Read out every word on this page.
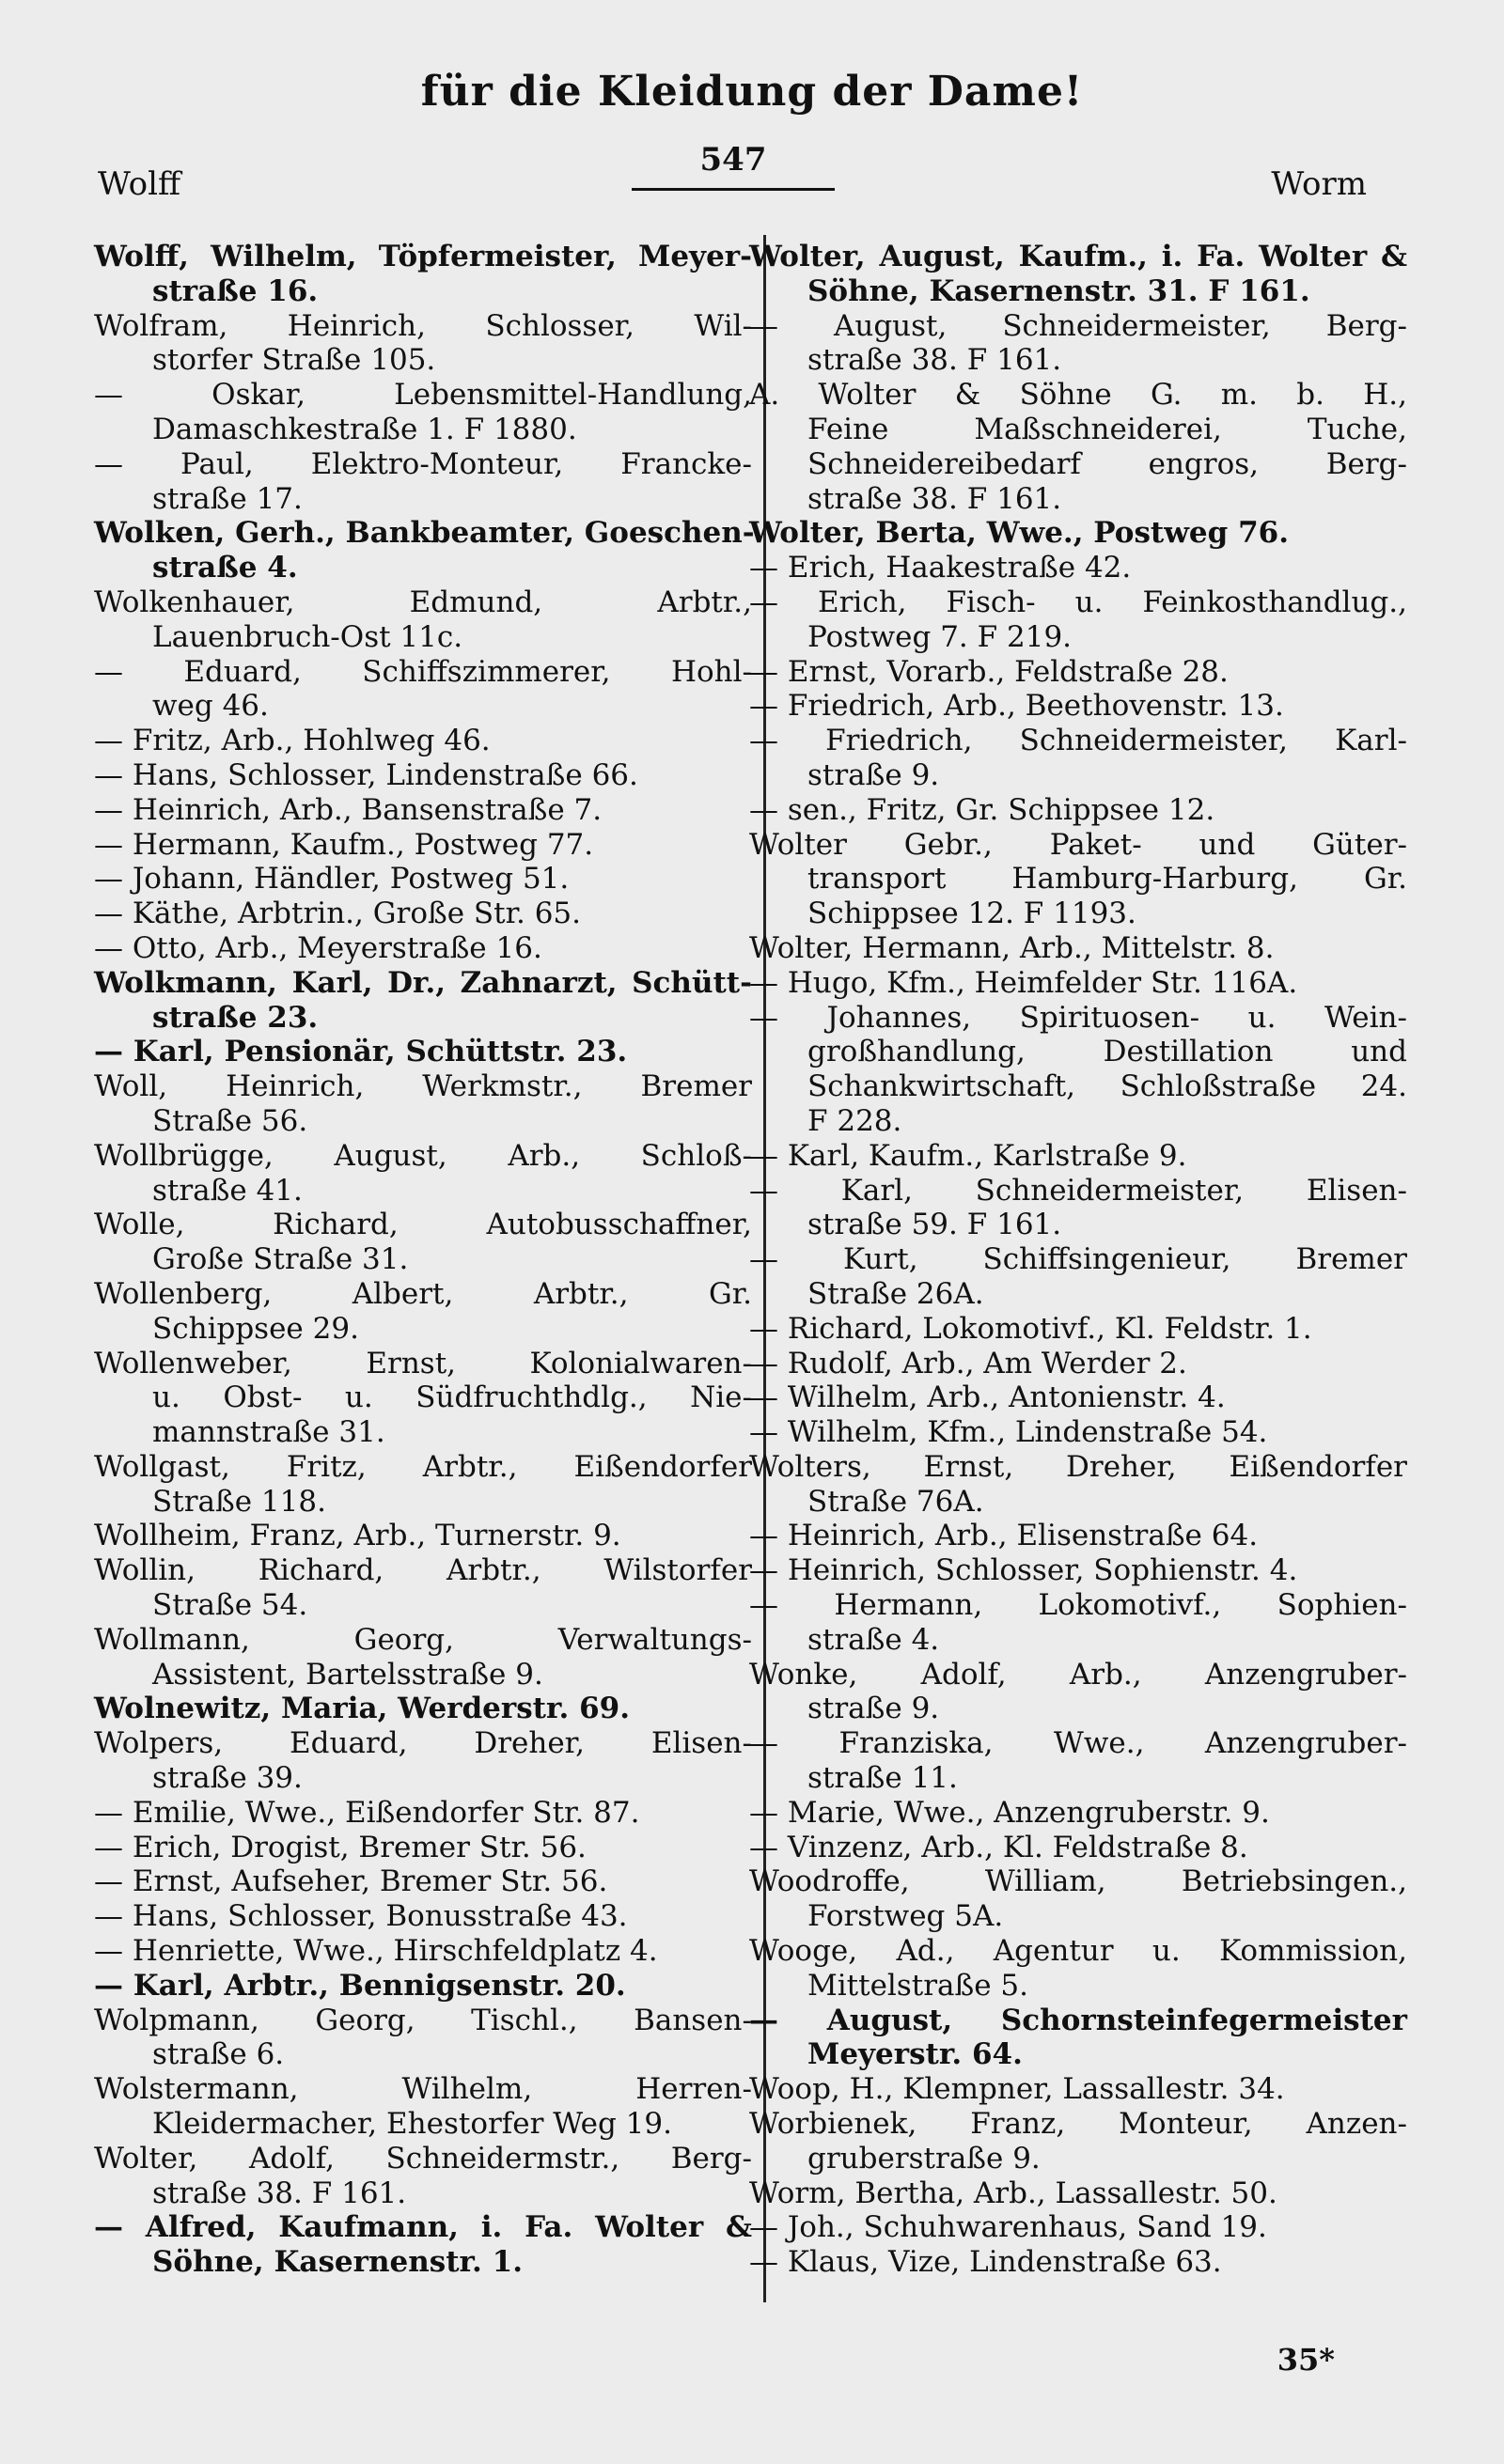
für die Kleidung der Dame!
Wolff
547
Worm
Wolff, Wilhelm, Töpfermeister, Meyer-
straße 16.
Wolfram, Heinrich, Schlosser, Wil-
storfer Straße 105.
— Oskar, Lebensmittel-Handlung,
Damaschkestraße 1. F 1880.
— Paul, Elektro-Monteur, Francke-
straße 17.
Wolken, Gerh., Bankbeamter, Goeschen-
straße 4.
Wolkenhauer, Edmund, Arbtr.,
Lauenbruch-Ost 11c.
— Eduard, Schiffszimmerer, Hohl-
weg 46.
— Fritz, Arb., Hohlweg 46.
— Hans, Schlosser, Lindenstraße 66.
— Heinrich, Arb., Bansenstraße 7.
— Hermann, Kaufm., Postweg 77.
— Johann, Händler, Postweg 51.
— Käthe, Arbtrin., Große Str. 65.
— Otto, Arb., Meyerstraße 16.
Wolkmann, Karl, Dr., Zahnarzt, Schütt-
straße 23.
— Karl, Pensionär, Schüttstr. 23.
Woll, Heinrich, Werkmstr., Bremer
Straße 56.
Wollbrügge, August, Arb., Schloß-
straße 41.
Wolle, Richard, Autobusschaffner,
Große Straße 31.
Wollenberg, Albert, Arbtr., Gr.
Schippsee 29.
Wollenweber, Ernst, Kolonialwaren-
u. Obst- u. Südfruchthdlg., Nie-
mannstraße 31.
Wollgast, Fritz, Arbtr., Eißendorfer
Straße 118.
Wollheim, Franz, Arb., Turnerstr. 9.
Wollin, Richard, Arbtr., Wilstorfer
Straße 54.
Wollmann, Georg, Verwaltungs-
Assistent, Bartelsstraße 9.
Wolnewitz, Maria, Werderstr. 69.
Wolpers, Eduard, Dreher, Elisen-
straße 39.
— Emilie, Wwe., Eißendorfer Str. 87.
— Erich, Drogist, Bremer Str. 56.
— Ernst, Aufseher, Bremer Str. 56.
— Hans, Schlosser, Bonusstraße 43.
— Henriette, Wwe., Hirschfeldplatz 4.
— Karl, Arbtr., Bennigsenstr. 20.
Wolpmann, Georg, Tischl., Bansen-
straße 6.
Wolstermann, Wilhelm, Herren-
Kleidermacher, Ehestorfer Weg 19.
Wolter, Adolf, Schneidermstr., Berg-
straße 38. F 161.
— Alfred, Kaufmann, i. Fa. Wolter &
Söhne, Kasernenstr. 1.
Wolter, August, Kaufm., i. Fa. Wolter &
Söhne, Kasernenstr. 31. F 161.
— August, Schneidermeister, Berg-
straße 38. F 161.
A. Wolter & Söhne G. m. b. H.,
Feine Maßschneiderei, Tuche,
Schneidereibedarf engros, Berg-
straße 38. F 161.
Wolter, Berta, Wwe., Postweg 76.
— Erich, Haakestraße 42.
— Erich, Fisch- u. Feinkosthandlug.,
Postweg 7. F 219.
— Ernst, Vorarb., Feldstraße 28.
— Friedrich, Arb., Beethovenstr. 13.
— Friedrich, Schneidermeister, Karl-
straße 9.
— sen., Fritz, Gr. Schippsee 12.
Wolter Gebr., Paket- und Güter-
transport Hamburg-Harburg, Gr.
Schippsee 12. F 1193.
Wolter, Hermann, Arb., Mittelstr. 8.
— Hugo, Kfm., Heimfelder Str. 116A.
— Johannes, Spirituosen- u. Wein-
großhandlung, Destillation und
Schankwirtschaft, Schloßstraße 24.
F 228.
— Karl, Kaufm., Karlstraße 9.
— Karl, Schneidermeister, Elisen-
straße 59. F 161.
— Kurt, Schiffsingenieur, Bremer
Straße 26A.
— Richard, Lokomotivf., Kl. Feldstr. 1.
— Rudolf, Arb., Am Werder 2.
— Wilhelm, Arb., Antonienstr. 4.
— Wilhelm, Kfm., Lindenstraße 54.
Wolters, Ernst, Dreher, Eißendorfer
Straße 76A.
— Heinrich, Arb., Elisenstraße 64.
— Heinrich, Schlosser, Sophienstr. 4.
— Hermann, Lokomotivf., Sophien-
straße 4.
Wonke, Adolf, Arb., Anzengruber-
straße 9.
— Franziska, Wwe., Anzengruber-
straße 11.
— Marie, Wwe., Anzengruberstr. 9.
— Vinzenz, Arb., Kl. Feldstraße 8.
Woodroffe, William, Betriebsingen.,
Forstweg 5A.
Wooge, Ad., Agentur u. Kommission,
Mittelstraße 5.
— August, Schornsteinfegermeister
Meyerstr. 64.
Woop, H., Klempner, Lassallestr. 34.
Worbienek, Franz, Monteur, Anzen-
gruberstraße 9.
Worm, Bertha, Arb., Lassallestr. 50.
— Joh., Schuhwarenhaus, Sand 19.
— Klaus, Vize, Lindenstraße 63.
35*
